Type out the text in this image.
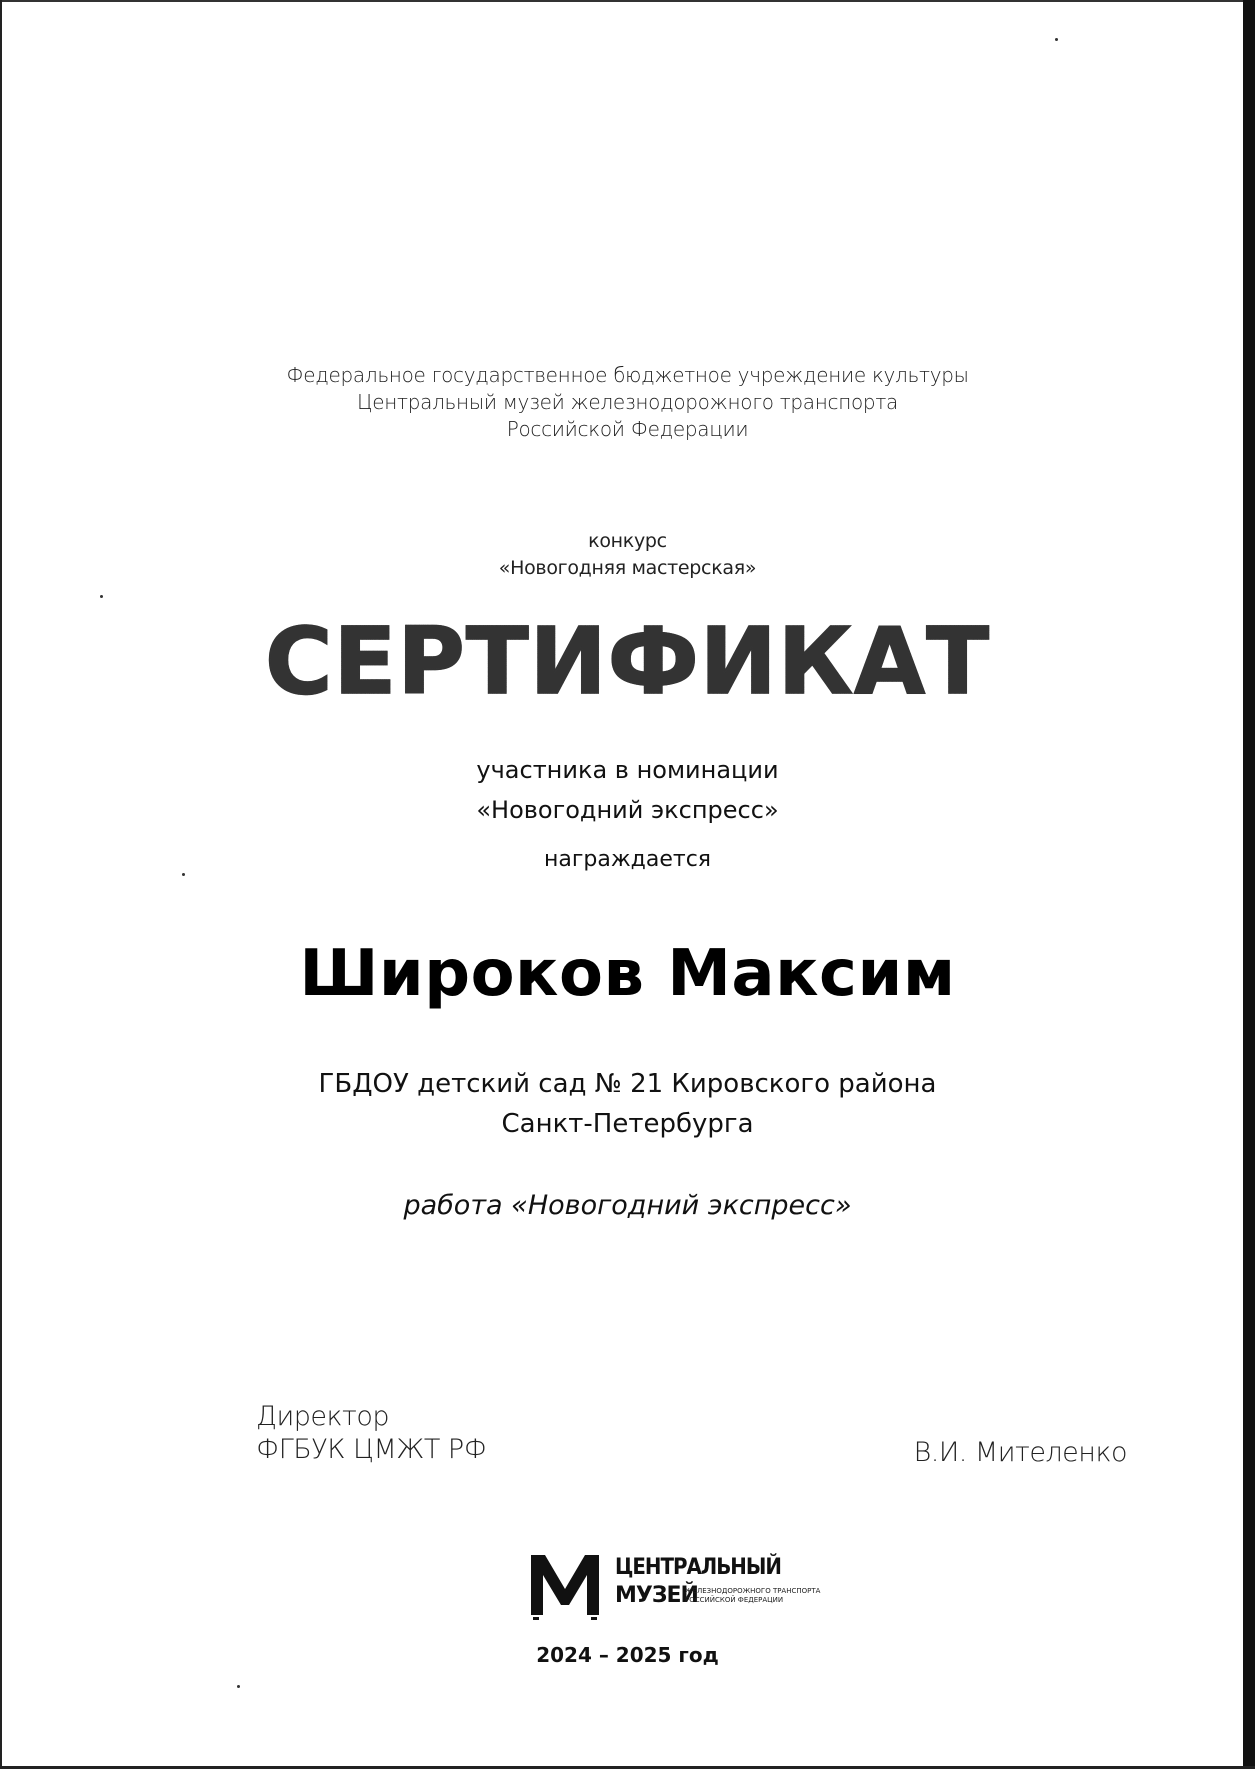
Федеральное государственное бюджетное учреждение культуры
Центральный музей железнодорожного транспорта
Российской Федерации
конкурс
«Новогодняя мастерская»
СЕРТИФИКАТ
участника в номинации
«Новогодний экспресс»
награждается
Широков Максим
ГБДОУ детский сад № 21 Кировского района
Санкт-Петербурга
работа «Новогодний экспресс»
Директор
ФГБУК ЦМЖТ РФ	В.И. Мителенко
ЦЕНТРАЛЬНЫЙ
МУЗЕЙ
ЖЕЛЕЗНОДОРОЖНОГО ТРАНСПОРТА
РОССИЙСКОЙ ФЕДЕРАЦИИ
2024 – 2025 год
